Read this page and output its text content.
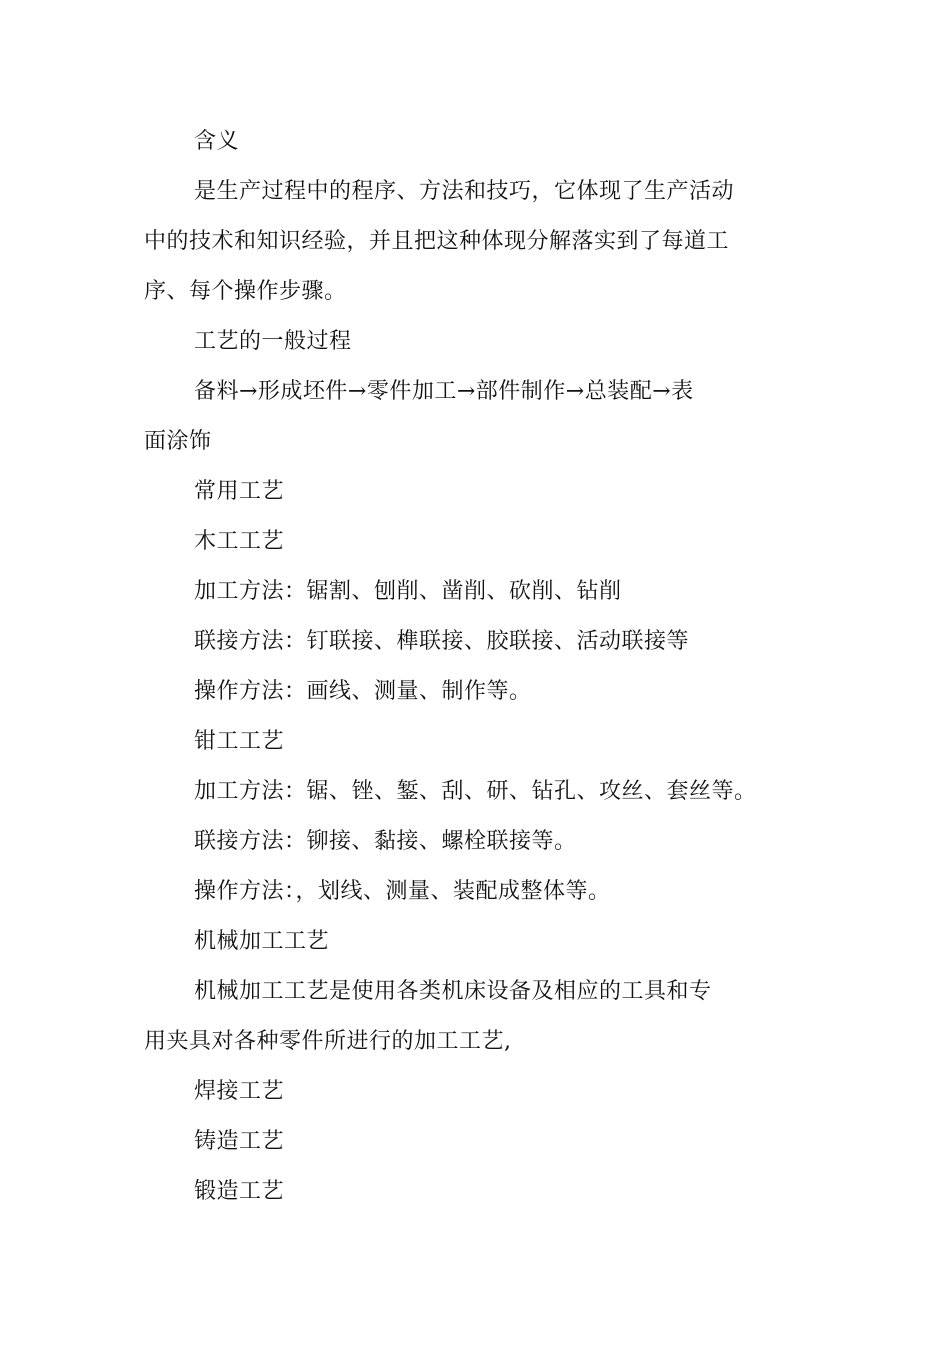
含义
是生产过程中的程序、方法和技巧，它体现了生产活动
中的技术和知识经验，并且把这种体现分解落实到了每道工
序、每个操作步骤。
工艺的一般过程
备料→形成坯件→零件加工→部件制作→总装配→表
面涂饰
常用工艺
木工工艺
加工方法：锯割、刨削、凿削、砍削、钻削
联接方法：钉联接、榫联接、胶联接、活动联接等
操作方法：画线、测量、制作等。
钳工工艺
加工方法：锯、锉、錾、刮、研、钻孔、攻丝、套丝等。
联接方法：铆接、黏接、螺栓联接等。
操作方法：，划线、测量、装配成整体等。
机械加工工艺
机械加工工艺是使用各类机床设备及相应的工具和专
用夹具对各种零件所进行的加工工艺,
焊接工艺
铸造工艺
锻造工艺
